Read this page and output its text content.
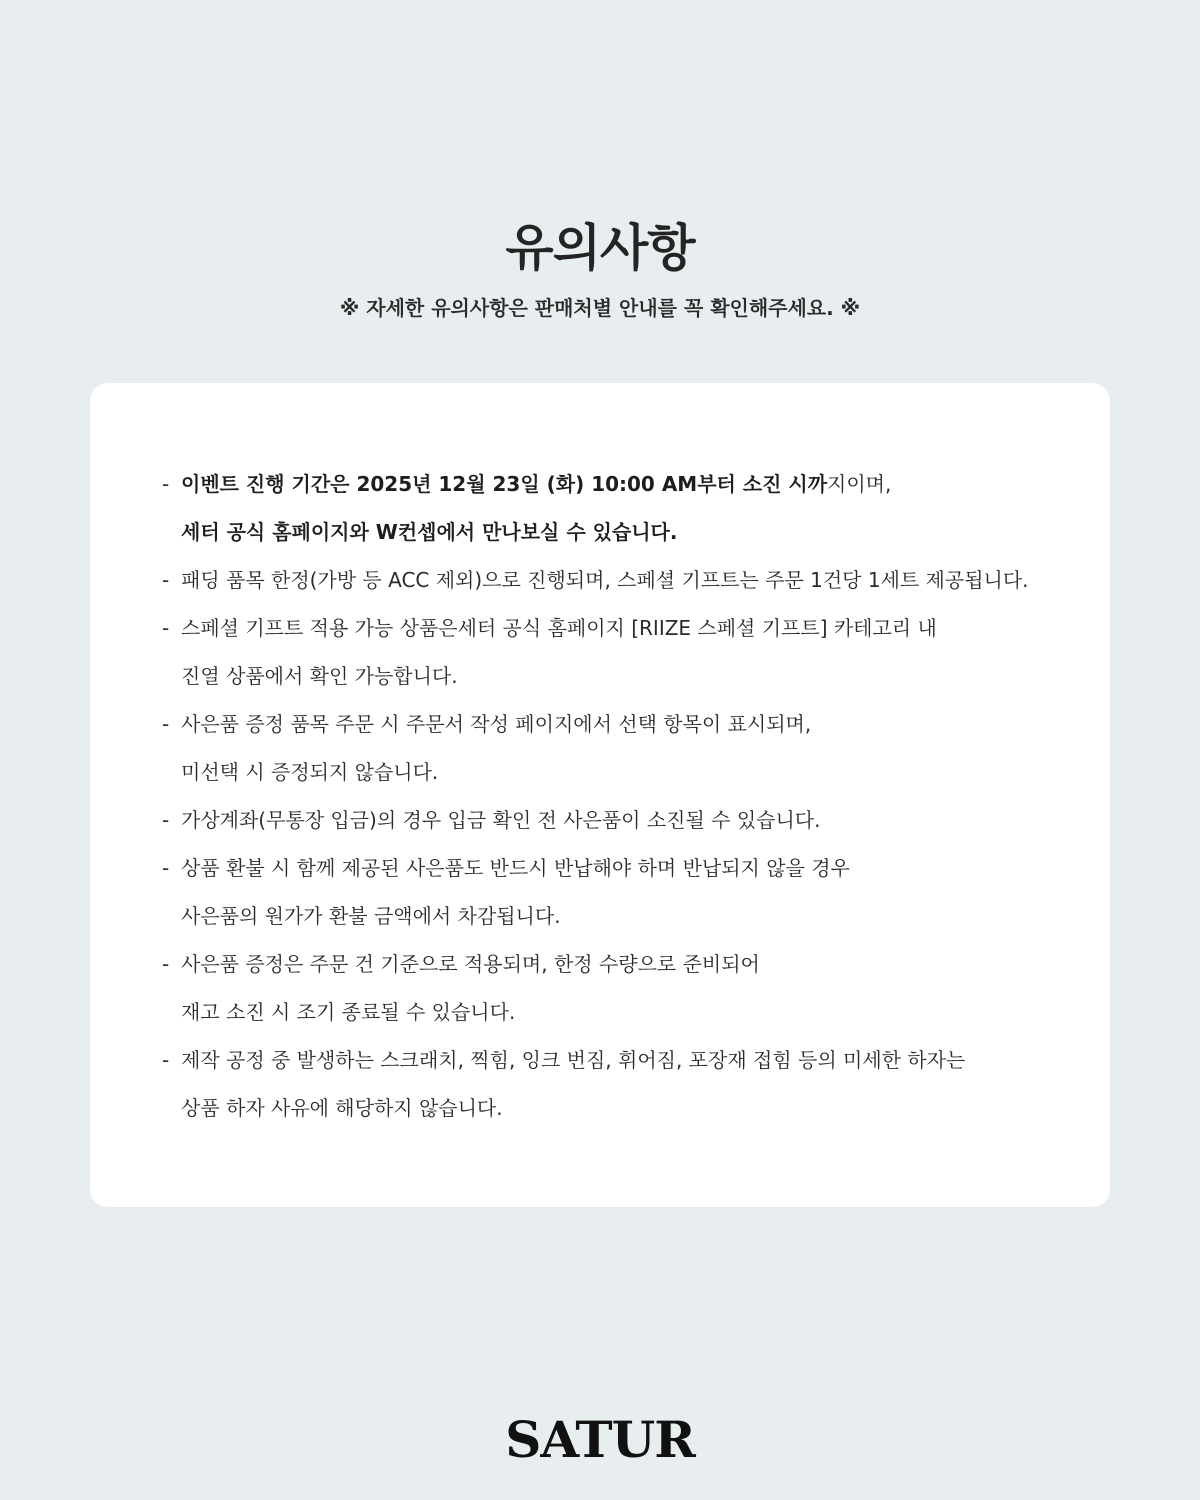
유의사항

※ 자세한 유의사항은 판매처별 안내를 꼭 확인해주세요. ※

- 이벤트 진행 기간은 2025년 12월 23일 (화) 10:00 AM부터 소진 시까지이며,
세터 공식 홈페이지와 W컨셉에서 만나보실 수 있습니다.
- 패딩 품목 한정(가방 등 ACC 제외)으로 진행되며, 스페셜 기프트는 주문 1건당 1세트 제공됩니다.
- 스페셜 기프트 적용 가능 상품은세터 공식 홈페이지 [RIIZE 스페셜 기프트] 카테고리 내
진열 상품에서 확인 가능합니다.
- 사은품 증정 품목 주문 시 주문서 작성 페이지에서 선택 항목이 표시되며,
미선택 시 증정되지 않습니다.
- 가상계좌(무통장 입금)의 경우 입금 확인 전 사은품이 소진될 수 있습니다.
- 상품 환불 시 함께 제공된 사은품도 반드시 반납해야 하며 반납되지 않을 경우
사은품의 원가가 환불 금액에서 차감됩니다.
- 사은품 증정은 주문 건 기준으로 적용되며, 한정 수량으로 준비되어
재고 소진 시 조기 종료될 수 있습니다.
- 제작 공정 중 발생하는 스크래치, 찍힘, 잉크 번짐, 휘어짐, 포장재 접힘 등의 미세한 하자는
상품 하자 사유에 해당하지 않습니다.
SATUR
